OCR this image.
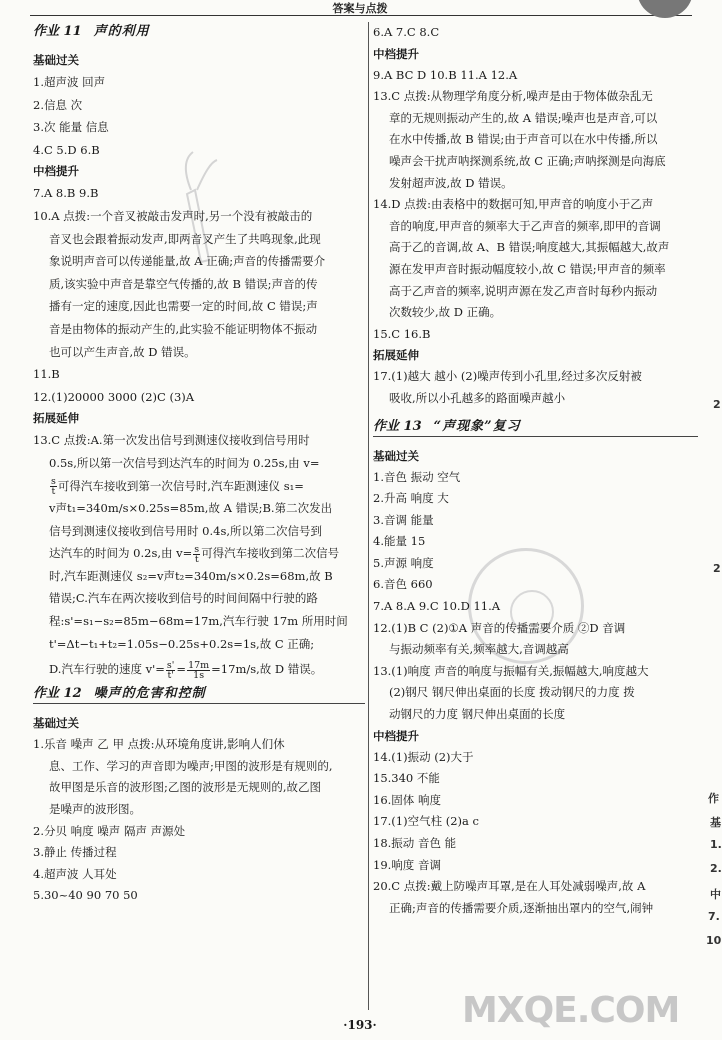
答案与点拨
作业 11 声的利用
基础过关
1.超声波 回声
2.信息 次
3.次 能量 信息
4.C 5.D 6.B
中档提升
7.A 8.B 9.B
10.A 点拨:一个音叉被敲击发声时,另一个没有被敲击的
音叉也会跟着振动发声,即两音叉产生了共鸣现象,此现
象说明声音可以传递能量,故 A 正确;声音的传播需要介
质,该实验中声音是靠空气传播的,故 B 错误;声音的传
播有一定的速度,因此也需要一定的时间,故 C 错误;声
音是由物体的振动产生的,此实验不能证明物体不振动
也可以产生声音,故 D 错误。
11.B
12.(1)20000 3000 (2)C (3)A
拓展延伸
13.C 点拨:A.第一次发出信号到测速仪接收到信号用时
0.5s,所以第一次信号到达汽车的时间为 0.25s,由 v=
$\frac{s}{t}$ 可得汽车接收到第一次信号时,汽车距测速仪 s₁=
v声t₁=340m/s×0.25s=85m,故 A 错误;B.第二次发出
信号到测速仪接收到信号用时 0.4s,所以第二次信号到
达汽车的时间为 0.2s,由 $v= \frac{s}{t}$ 可得汽车接收到第二次信号
时,汽车距测速仪 s₂=v声t₂=340m/s×0.2s=68m,故 B
错误;C.汽车在两次接收到信号的时间间隔中行驶的路
程:s'=s₁−s₂=85m−68m=17m,汽车行驶 17m 所用时间
t'=Δt−t₁+t₂=1.05s−0.25s+0.2s=1s,故 C 正确;
D.汽车行驶的速度 $v'= \frac{s'}{t'} = \frac{17m}{1s} =17m/s$,故 D 错误。
作业 12 噪声的危害和控制
基础过关
1.乐音 噪声 乙 甲 点拨:从环境角度讲,影响人们休
息、工作、学习的声音即为噪声;甲图的波形是有规则的,
故甲图是乐音的波形图;乙图的波形是无规则的,故乙图
是噪声的波形图。
2.分贝 响度 噪声 隔声 声源处
3.静止 传播过程
4.超声波 人耳处
5.30~40 90 70 50
6.A 7.C 8.C
中档提升
9.A BC D 10.B 11.A 12.A
13.C 点拨:从物理学角度分析,噪声是由于物体做杂乱无
章的无规则振动产生的,故 A 错误;噪声也是声音,可以
在水中传播,故 B 错误;由于声音可以在水中传播,所以
噪声会干扰声呐探测系统,故 C 正确;声呐探测是向海底
发射超声波,故 D 错误。
14.D 点拨:由表格中的数据可知,甲声音的响度小于乙声
音的响度,甲声音的频率大于乙声音的频率,即甲的音调
高于乙的音调,故 A、B 错误;响度越大,其振幅越大,故声
源在发甲声音时振动幅度较小,故 C 错误;甲声音的频率
高于乙声音的频率,说明声源在发乙声音时每秒内振动
次数较少,故 D 正确。
15.C 16.B
拓展延伸
17.(1)越大 越小 (2)噪声传到小孔里,经过多次反射被
吸收,所以小孔越多的路面噪声越小
作业 13 “声现象”复习
基础过关
1.音色 振动 空气
2.升高 响度 大
3.音调 能量
4.能量 15
5.声源 响度
6.音色 660
7.A 8.A 9.C 10.D 11.A
12.(1)B C (2)①A 声音的传播需要介质 ②D 音调
与振动频率有关,频率越大,音调越高
13.(1)响度 声音的响度与振幅有关,振幅越大,响度越大
(2)钢尺 钢尺伸出桌面的长度 拨动钢尺的力度 拨
动钢尺的力度 钢尺伸出桌面的长度
中档提升
14.(1)振动 (2)大于
15.340 不能
16.固体 响度
17.(1)空气柱 (2)a c
18.振动 音色 能
19.响度 音调
20.C 点拨:戴上防噪声耳罩,是在人耳处减弱噪声,故 A
正确;声音的传播需要介质,逐渐抽出罩内的空气,闹钟
作
基
1.
2.
中
7.
10
2
2
MXQE.COM
·193·
